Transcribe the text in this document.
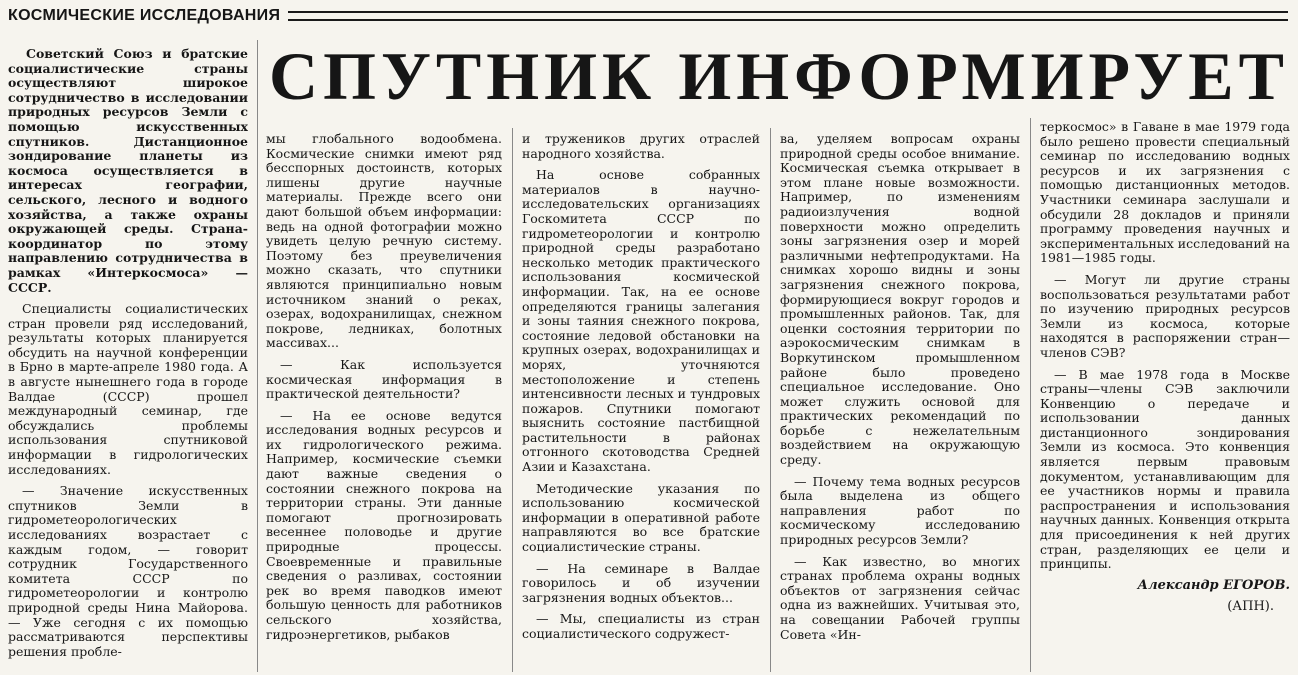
КОСМИЧЕСКИЕ ИССЛЕДОВАНИЯ
СПУТНИК ИНФОРМИРУЕТ

Советский Союз и братские социалистические страны осуществляют широкое сотрудничество в исследовании природных ресурсов Земли с помощью искусственных спутников. Дистанционное зондирование планеты из космоса осуществляется в интересах географии, сельского, лесного и водного хозяйства, а также охраны окружающей среды. Страна-координатор по этому направлению сотрудничества в рамках «Интеркосмоса» — СССР.

Специалисты социалистических стран провели ряд исследований, результаты которых планируется обсудить на научной конференции в Брно в марте-апреле 1980 года. А в августе нынешнего года в городе Валдае (СССР) прошел международный семинар, где обсуждались проблемы использования спутниковой информации в гидрологических исследованиях.

— Значение искусственных спутников Земли в гидрометеорологических исследованиях возрастает с каждым годом, — говорит сотрудник Государственного комитета СССР по гидрометеорологии и контролю природной среды Нина Майорова. — Уже сегодня с их помощью рассматриваются перспективы решения пробле-

мы глобального водообмена. Космические снимки имеют ряд бесспорных достоинств, которых лишены другие научные материалы. Прежде всего они дают большой объем информации: ведь на одной фотографии можно увидеть целую речную систему. Поэтому без преувеличения можно сказать, что спутники являются принципиально новым источником знаний о реках, озерах, водохранилищах, снежном покрове, ледниках, болотных массивах...

— Как используется космическая информация в практической деятельности?

— На ее основе ведутся исследования водных ресурсов и их гидрологического режима. Например, космические съемки дают важные сведения о состоянии снежного покрова на территории страны. Эти данные помогают прогнозировать весеннее половодье и другие природные процессы. Своевременные и правильные сведения о разливах, состоянии рек во время паводков имеют большую ценность для работников сельского хозяйства, гидроэнергетиков, рыбаков

и тружеников других отраслей народного хозяйства.

На основе собранных материалов в научно-исследовательских организациях Госкомитета СССР по гидрометеорологии и контролю природной среды разработано несколько методик практического использования космической информации. Так, на ее основе определяются границы залегания и зоны таяния снежного покрова, состояние ледовой обстановки на крупных озерах, водохранилищах и морях, уточняются местоположение и степень интенсивности лесных и тундровых пожаров. Спутники помогают выяснить состояние пастбищной растительности в районах отгонного скотоводства Средней Азии и Казахстана.

Методические указания по использованию космической информации в оперативной работе направляются во все братские социалистические страны.

— На семинаре в Валдае говорилось и об изучении загрязнения водных объектов...

— Мы, специалисты из стран социалистического содружест-

ва, уделяем вопросам охраны природной среды особое внимание. Космическая съемка открывает в этом плане новые возможности. Например, по изменениям радиоизлучения водной поверхности можно определить зоны загрязнения озер и морей различными нефтепродуктами. На снимках хорошо видны и зоны загрязнения снежного покрова, формирующиеся вокруг городов и промышленных районов. Так, для оценки состояния территории по аэрокосмическим снимкам в Воркутинском промышленном районе было проведено специальное исследование. Оно может служить основой для практических рекомендаций по борьбе с нежелательным воздействием на окружающую среду.

— Почему тема водных ресурсов была выделена из общего направления работ по космическому исследованию природных ресурсов Земли?

— Как известно, во многих странах проблема охраны водных объектов от загрязнения сейчас одна из важнейших. Учитывая это, на совещании Рабочей группы Совета «Ин-

теркосмос» в Гаване в мае 1979 года было решено провести специальный семинар по исследованию водных ресурсов и их загрязнения с помощью дистанционных методов. Участники семинара заслушали и обсудили 28 докладов и приняли программу проведения научных и экспериментальных исследований на 1981—1985 годы.

— Могут ли другие страны воспользоваться результатами работ по изучению природных ресурсов Земли из космоса, которые находятся в распоряжении стран—членов СЭВ?

— В мае 1978 года в Москве страны—члены СЭВ заключили Конвенцию о передаче и использовании данных дистанционного зондирования Земли из космоса. Это конвенция является первым правовым документом, устанавливающим для ее участников нормы и правила распространения и использования научных данных. Конвенция открыта для присоединения к ней других стран, разделяющих ее цели и принципы.

Александр ЕГОРОВ.

(АПН).
